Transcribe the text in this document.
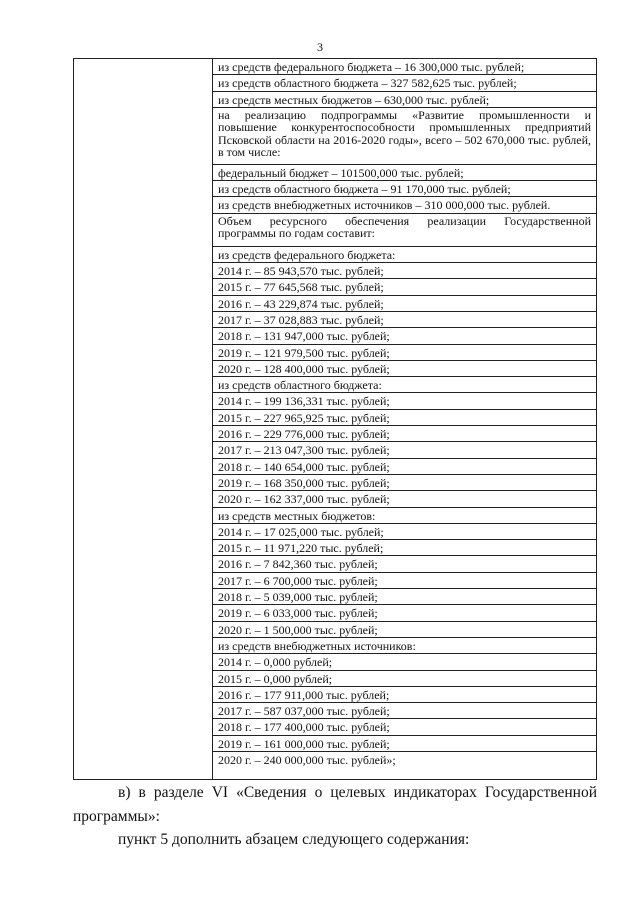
3
из средств федерального бюджета – 16 300,000 тыс. рублей;
из средств областного бюджета – 327 582,625 тыс. рублей;
из средств местных бюджетов – 630,000 тыс. рублей;
на реализацию подпрограммы «Развитие промышленности и повышение конкурентоспособности промышленных предприятий Псковской области на 2016-2020 годы», всего – 502 670,000 тыс. рублей, в том числе:
федеральный бюджет – 101500,000 тыс. рублей;
из средств областного бюджета – 91 170,000 тыс. рублей;
из средств внебюджетных источников – 310 000,000 тыс. рублей.
Объем ресурсного обеспечения реализации Государственной программы по годам составит:
из средств федерального бюджета:
2014 г. – 85 943,570 тыс. рублей;
2015 г. – 77 645,568 тыс. рублей;
2016 г. – 43 229,874 тыс. рублей;
2017 г. – 37 028,883 тыс. рублей;
2018 г. – 131 947,000 тыс. рублей;
2019 г. – 121 979,500 тыс. рублей;
2020 г. – 128 400,000 тыс. рублей;
из средств областного бюджета:
2014 г. – 199 136,331 тыс. рублей;
2015 г. – 227 965,925 тыс. рублей;
2016 г. – 229 776,000 тыс. рублей;
2017 г. – 213 047,300 тыс. рублей;
2018 г. – 140 654,000 тыс. рублей;
2019 г. – 168 350,000 тыс. рублей;
2020 г. – 162 337,000 тыс. рублей;
из средств местных бюджетов:
2014 г. – 17 025,000 тыс. рублей;
2015 г. – 11 971,220 тыс. рублей;
2016 г. – 7 842,360 тыс. рублей;
2017 г. – 6 700,000 тыс. рублей;
2018 г. – 5 039,000 тыс. рублей;
2019 г. – 6 033,000 тыс. рублей;
2020 г. – 1 500,000 тыс. рублей;
из средств внебюджетных источников:
2014 г. – 0,000 рублей;
2015 г. – 0,000 рублей;
2016 г. – 177 911,000 тыс. рублей;
2017 г. – 587 037,000 тыс. рублей;
2018 г. – 177 400,000 тыс. рублей;
2019 г. – 161 000,000 тыс. рублей;
2020 г. – 240 000,000 тыс. рублей»;
в) в разделе VI «Сведения о целевых индикаторах Государственной программы»:
пункт 5 дополнить абзацем следующего содержания:
